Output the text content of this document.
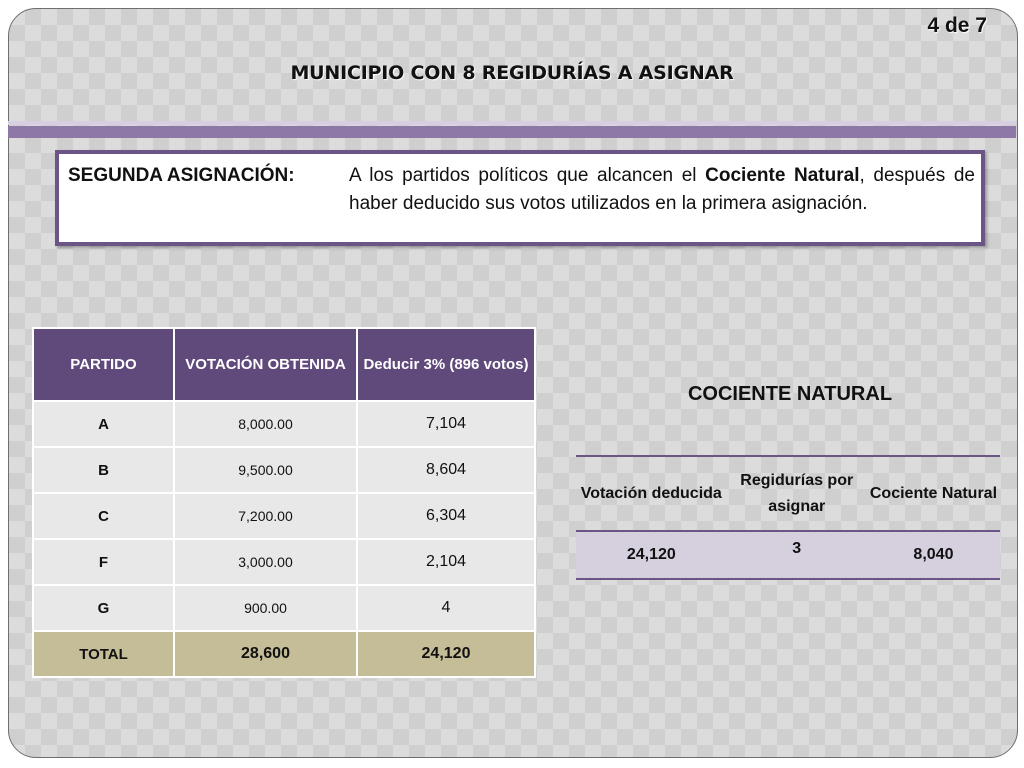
4 de 7
MUNICIPIO CON 8 REGIDURÍAS A ASIGNAR
SEGUNDA ASIGNACIÓN:	A los partidos políticos que alcancen el Cociente Natural, después de haber deducido sus votos utilizados en la primera asignación.
PARTIDO	VOTACIÓN OBTENIDA	Deducir 3% (896 votos)
A	8,000.00	7,104
B	9,500.00	8,604
C	7,200.00	6,304
F	3,000.00	2,104
G	900.00	4
TOTAL	28,600	24,120
COCIENTE NATURAL
Votación deducida	Regidurías por asignar	Cociente Natural
24,120	3	8,040
